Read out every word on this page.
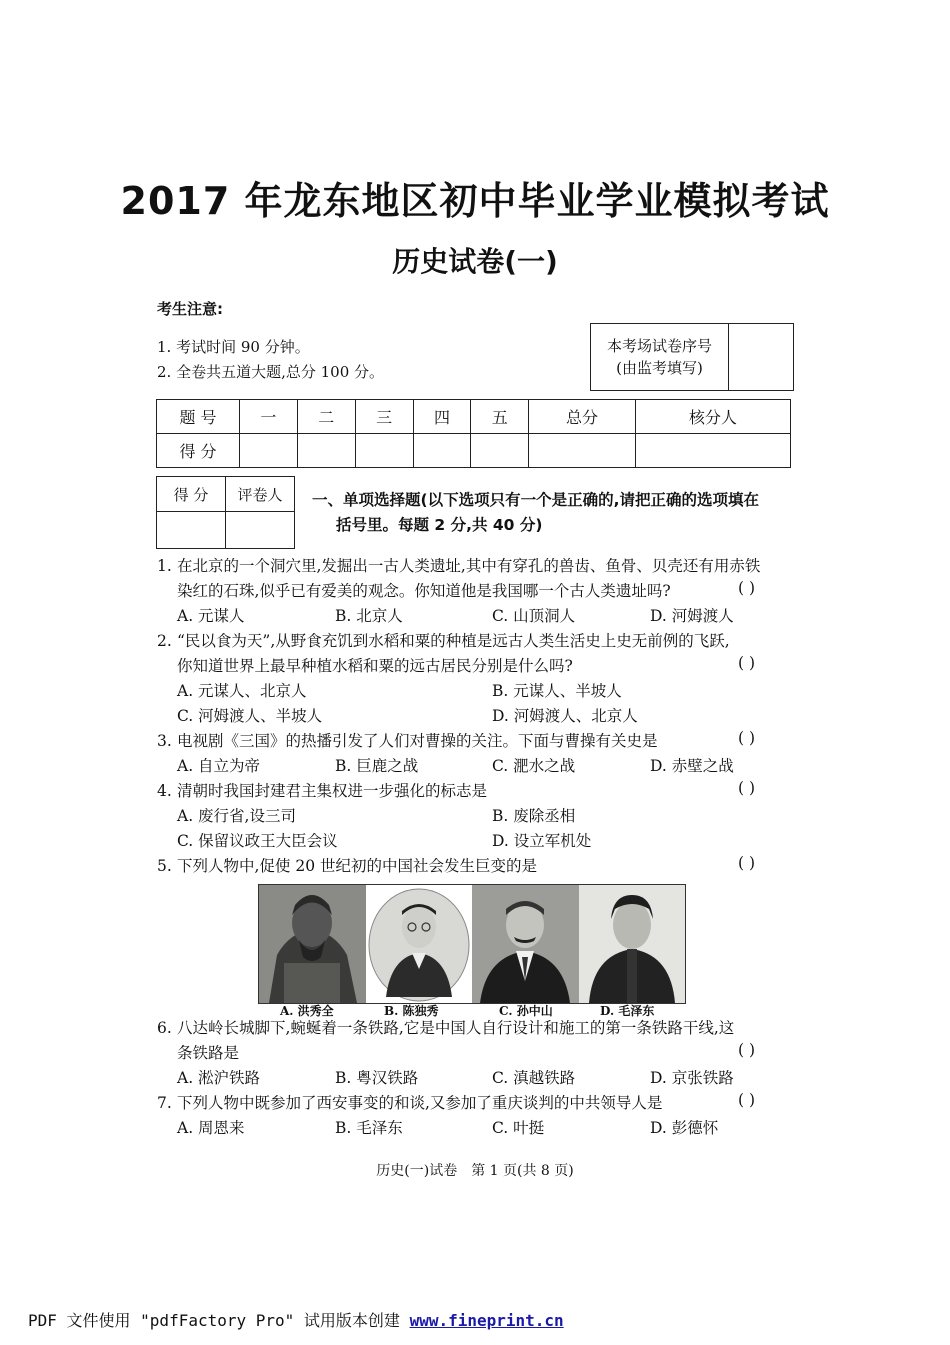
2017 年龙东地区初中毕业学业模拟考试
历史试卷(一)
考生注意:
1. 考试时间 90 分钟。
2. 全卷共五道大题,总分 100 分。
本考场试卷序号
(由监考填写)

题 号	一	二	三	四	五	总分	核分人
得 分							
得 分	评卷人
	一、单项选择题(以下选项只有一个是正确的,请把正确的选项填在
括号里。每题 2 分,共 40 分)
1. 在北京的一个洞穴里,发掘出一古人类遗址,其中有穿孔的兽齿、鱼骨、贝壳还有用赤铁
染红的石珠,似乎已有爱美的观念。你知道他是我国哪一个古人类遗址吗?	( )
A. 元谋人	B. 北京人	C. 山顶洞人	D. 河姆渡人
2. “民以食为天”,从野食充饥到水稻和粟的种植是远古人类生活史上史无前例的飞跃,
你知道世界上最早种植水稻和粟的远古居民分别是什么吗?	( )
A. 元谋人、北京人	B. 元谋人、半坡人
C. 河姆渡人、半坡人	D. 河姆渡人、北京人
3. 电视剧《三国》的热播引发了人们对曹操的关注。下面与曹操有关史是	( )
A. 自立为帝	B. 巨鹿之战	C. 淝水之战	D. 赤壁之战
4. 清朝时我国封建君主集权进一步强化的标志是	( )
A. 废行省,设三司	B. 废除丞相
C. 保留议政王大臣会议	D. 设立军机处
5. 下列人物中,促使 20 世纪初的中国社会发生巨变的是	( )
A. 洪秀全	B. 陈独秀	C. 孙中山	D. 毛泽东
6. 八达岭长城脚下,蜿蜒着一条铁路,它是中国人自行设计和施工的第一条铁路干线,这
条铁路是	( )
A. 淞沪铁路	B. 粤汉铁路	C. 滇越铁路	D. 京张铁路
7. 下列人物中既参加了西安事变的和谈,又参加了重庆谈判的中共领导人是	( )
A. 周恩来	B. 毛泽东	C. 叶挺	D. 彭德怀
历史(一)试卷　第 1 页(共 8 页)
PDF 文件使用 "pdfFactory Pro" 试用版本创建 www.fineprint.cn
